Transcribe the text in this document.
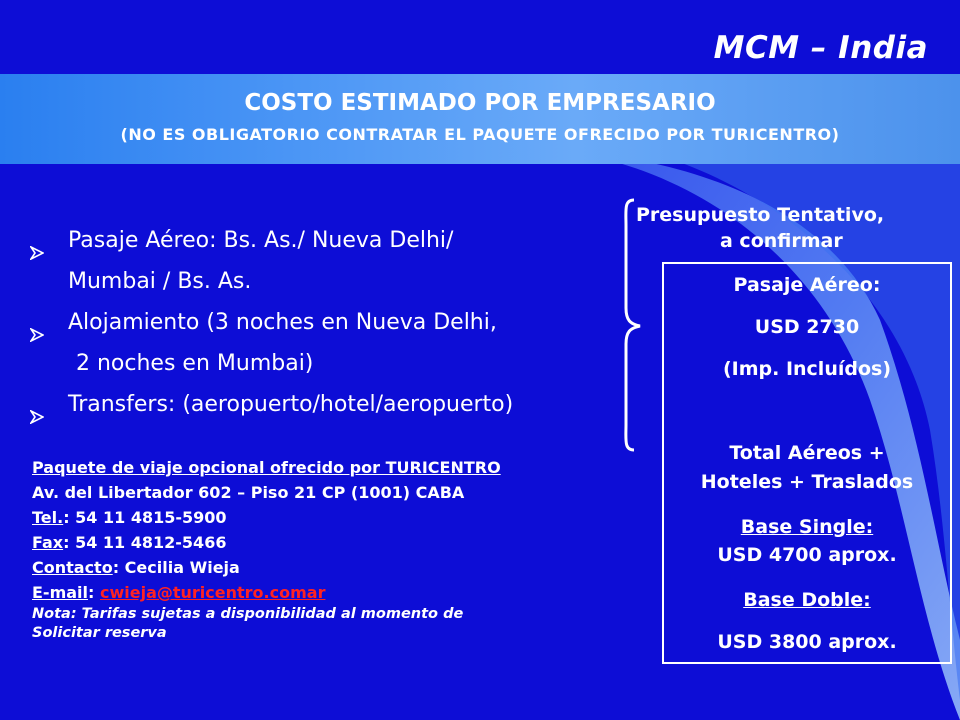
MCM – India
COSTO ESTIMADO POR EMPRESARIO
(NO ES OBLIGATORIO CONTRATAR EL PAQUETE OFRECIDO POR TURICENTRO)
Pasaje Aéreo: Bs. As./ Nueva Delhi/
Mumbai / Bs. As.
Alojamiento (3 noches en Nueva Delhi,
2 noches en Mumbai)
Transfers: (aeropuerto/hotel/aeropuerto)
Presupuesto Tentativo,
a confirmar
Pasaje Aéreo:
USD 2730
(Imp. Incluídos)
Total Aéreos +
Hoteles + Traslados
Base Single:
USD 4700 aprox.
Base Doble:
USD 3800 aprox.
Paquete de viaje opcional ofrecido por TURICENTRO
Av. del Libertador 602 – Piso 21 CP (1001) CABA
Tel.: 54 11 4815-5900
Fax: 54 11 4812-5466
Contacto: Cecilia Wieja
E-mail: cwieja@turicentro.comar
Nota: Tarifas sujetas a disponibilidad al momento de
Solicitar reserva
